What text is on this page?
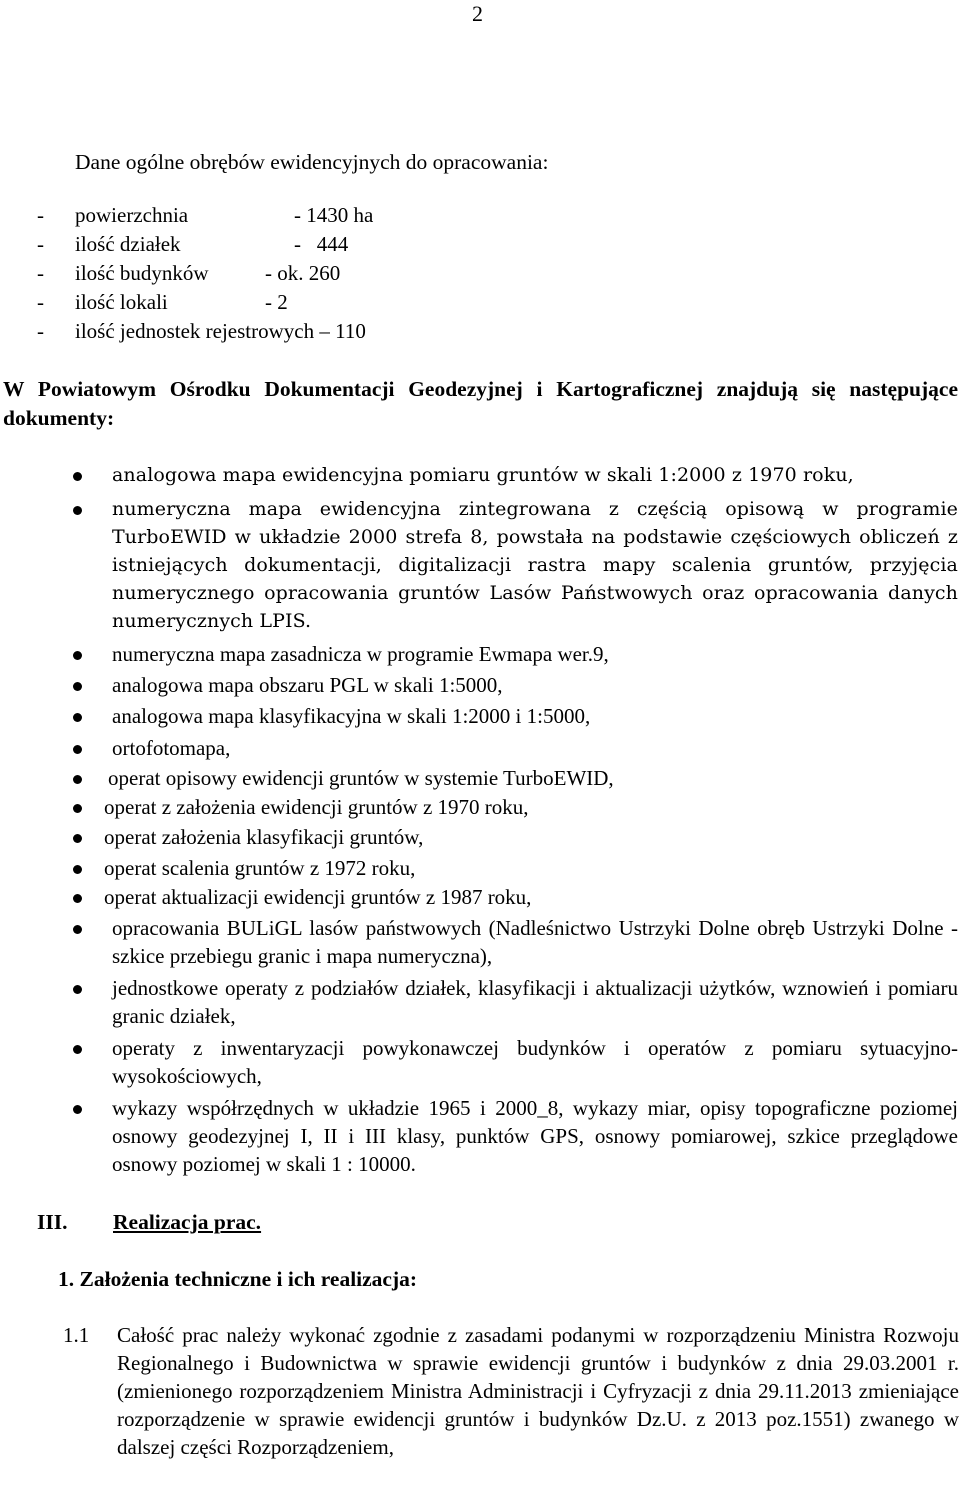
2
Dane ogólne obrębów ewidencyjnych do opracowania:
- powierzchnia	- 1430 ha
- ilość działek	-   444
- ilość budynków	- ok. 260
- ilość lokali	- 2
- ilość jednostek rejestrowych – 110
W Powiatowym Ośrodku Dokumentacji Geodezyjnej i Kartograficznej znajdują się następujące dokumenty:
analogowa mapa ewidencyjna pomiaru gruntów w skali 1:2000 z 1970 roku,
numeryczna mapa ewidencyjna zintegrowana z częścią opisową w programie TurboEWID w układzie 2000 strefa 8, powstała na podstawie częściowych obliczeń z istniejących dokumentacji, digitalizacji rastra mapy scalenia gruntów, przyjęcia numerycznego opracowania gruntów Lasów Państwowych oraz opracowania danych numerycznych LPIS.
numeryczna mapa zasadnicza w programie Ewmapa wer.9,
analogowa mapa obszaru PGL w skali 1:5000,
analogowa mapa klasyfikacyjna w skali 1:2000 i 1:5000,
ortofotomapa,
operat opisowy ewidencji gruntów w systemie TurboEWID,
operat z założenia ewidencji gruntów z 1970 roku,
operat założenia klasyfikacji gruntów,
operat scalenia gruntów z 1972 roku,
operat aktualizacji ewidencji gruntów z 1987 roku,
opracowania BULiGL lasów państwowych (Nadleśnictwo Ustrzyki Dolne obręb Ustrzyki Dolne - szkice przebiegu granic i mapa numeryczna),
jednostkowe operaty z podziałów działek, klasyfikacji i aktualizacji użytków, wznowień i pomiaru granic działek,
operaty z inwentaryzacji powykonawczej budynków i operatów z pomiaru sytuacyjno-wysokościowych,
wykazy współrzędnych w układzie 1965 i 2000_8, wykazy miar, opisy topograficzne poziomej osnowy geodezyjnej I, II i III klasy, punktów GPS, osnowy pomiarowej, szkice przeglądowe osnowy poziomej w skali 1 : 10000.
III. Realizacja prac.
1. Założenia techniczne i ich realizacja:
1.1 Całość prac należy wykonać zgodnie z zasadami podanymi w rozporządzeniu Ministra Rozwoju Regionalnego i Budownictwa w sprawie ewidencji gruntów i budynków z dnia 29.03.2001 r. (zmienionego rozporządzeniem Ministra Administracji i Cyfryzacji z dnia 29.11.2013 zmieniające rozporządzenie w sprawie ewidencji gruntów i budynków Dz.U. z 2013 poz.1551) zwanego w dalszej części Rozporządzeniem,
